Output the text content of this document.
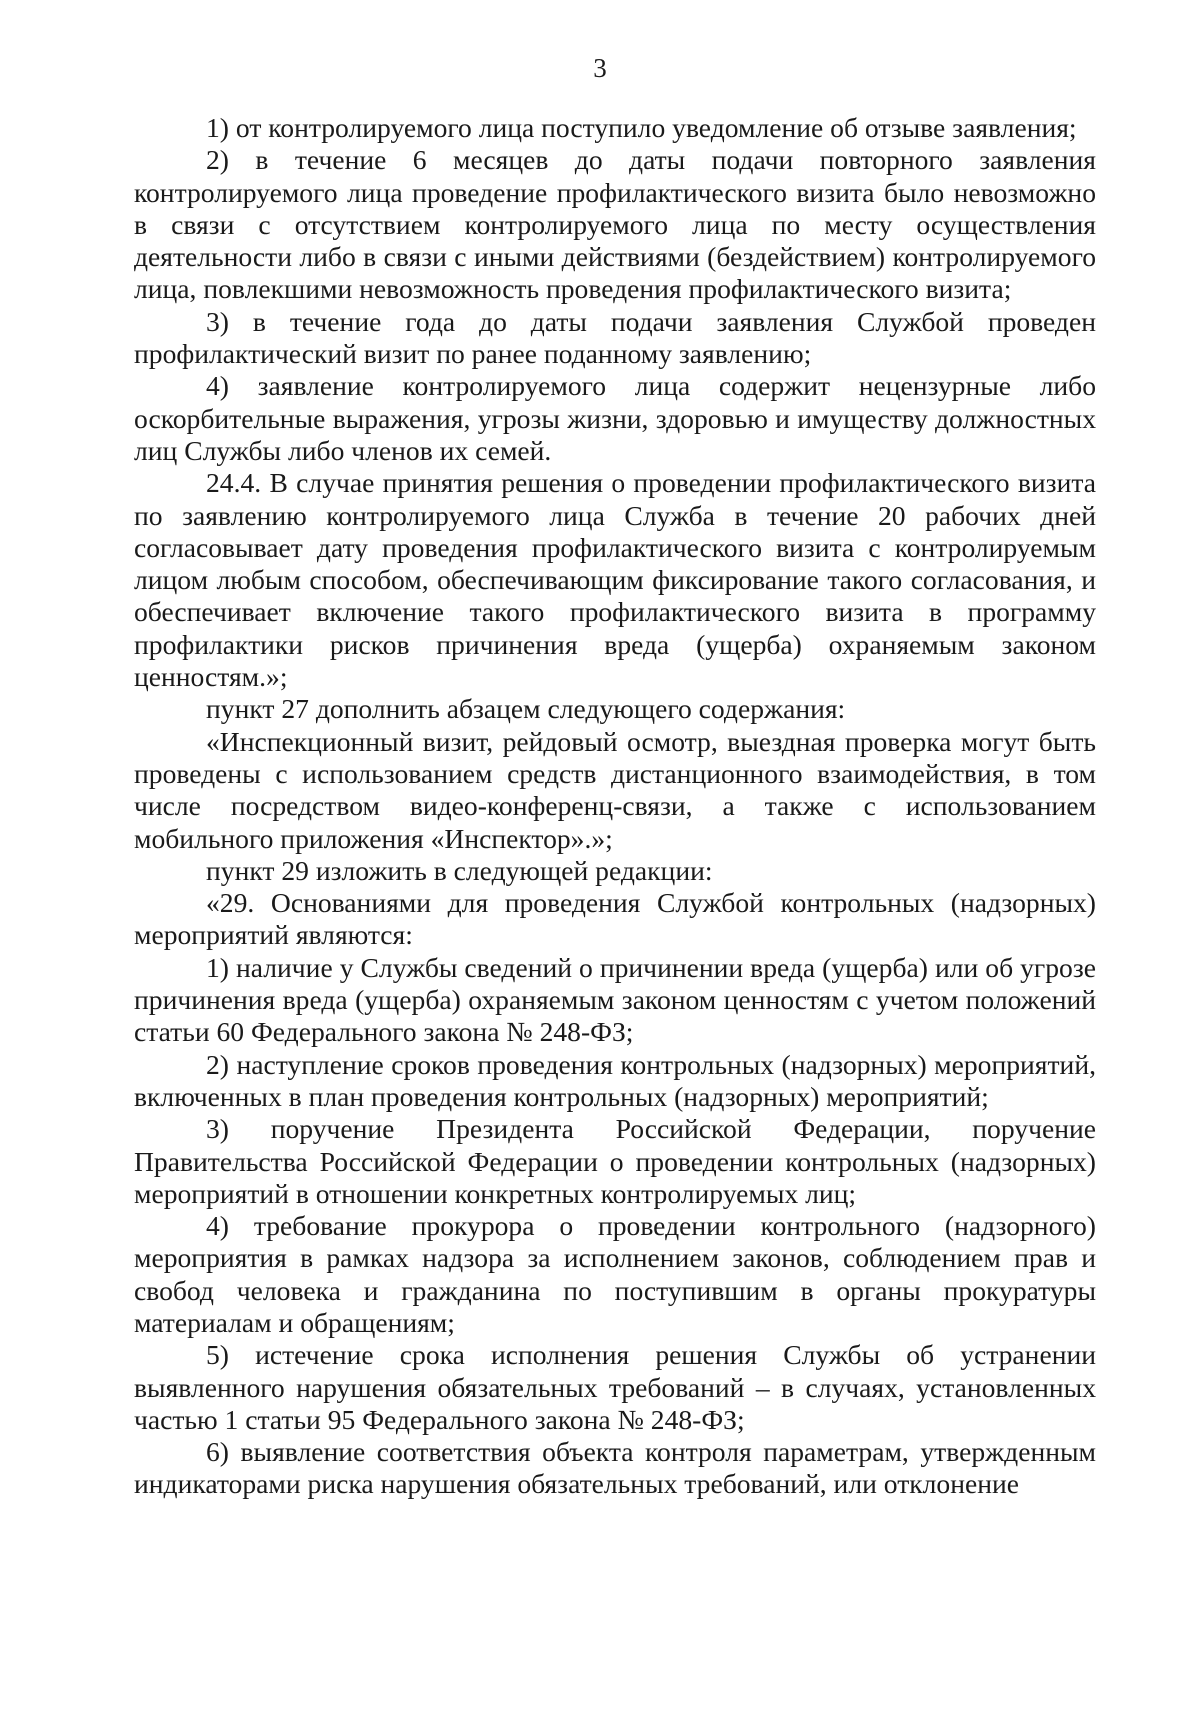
3

1) от контролируемого лица поступило уведомление об отзыве заявления;

2) в течение 6 месяцев до даты подачи повторного заявления контролируемого лица проведение профилактического визита было невозможно в связи с отсутствием контролируемого лица по месту осуществления деятельности либо в связи с иными действиями (бездействием) контролируемого лица, повлекшими невозможность проведения профилактического визита;

3) в течение года до даты подачи заявления Службой проведен профилактический визит по ранее поданному заявлению;

4) заявление контролируемого лица содержит нецензурные либо оскорбительные выражения, угрозы жизни, здоровью и имуществу должностных лиц Службы либо членов их семей.

24.4. В случае принятия решения о проведении профилактического визита по заявлению контролируемого лица Служба в течение 20 рабочих дней согласовывает дату проведения профилактического визита с контролируемым лицом любым способом, обеспечивающим фиксирование такого согласования, и обеспечивает включение такого профилактического визита в программу профилактики рисков причинения вреда (ущерба) охраняемым законом ценностям.»;

пункт 27 дополнить абзацем следующего содержания:

«Инспекционный визит, рейдовый осмотр, выездная проверка могут быть проведены с использованием средств дистанционного взаимодействия, в том числе посредством видео-конференц-связи, а также с использованием мобильного приложения «Инспектор».»;

пункт 29 изложить в следующей редакции:

«29. Основаниями для проведения Службой контрольных (надзорных) мероприятий являются:

1) наличие у Службы сведений о причинении вреда (ущерба) или об угрозе причинения вреда (ущерба) охраняемым законом ценностям с учетом положений статьи 60 Федерального закона № 248-ФЗ;

2) наступление сроков проведения контрольных (надзорных) мероприятий, включенных в план проведения контрольных (надзорных) мероприятий;

3) поручение Президента Российской Федерации, поручение Правительства Российской Федерации о проведении контрольных (надзорных) мероприятий в отношении конкретных контролируемых лиц;

4) требование прокурора о проведении контрольного (надзорного) мероприятия в рамках надзора за исполнением законов, соблюдением прав и свобод человека и гражданина по поступившим в органы прокуратуры материалам и обращениям;

5) истечение срока исполнения решения Службы об устранении выявленного нарушения обязательных требований – в случаях, установленных частью 1 статьи 95 Федерального закона № 248-ФЗ;

6) выявление соответствия объекта контроля параметрам, утвержденным индикаторами риска нарушения обязательных требований, или отклонение
